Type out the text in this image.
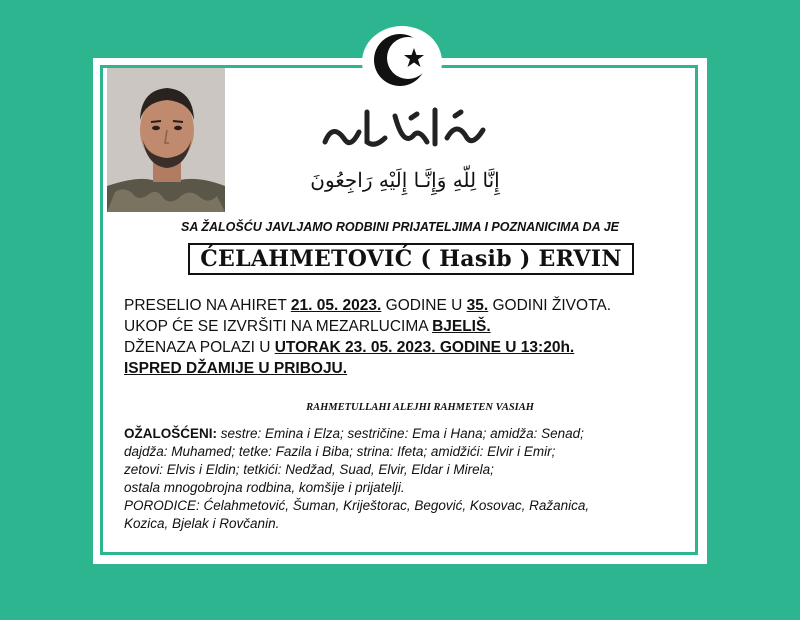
إِنَّا لِلّهِ وَإِنَّـا إِلَيْهِ رَاجِعُونَ
SA ŽALOŠĆU JAVLJAMO RODBINI PRIJATELJIMA I POZNANICIMA DA JE
ĆELAHMETOVIĆ ( Hasib ) ERVIN
PRESELIO NA AHIRET 21. 05. 2023. GODINE U 35. GODINI ŽIVOTA.
UKOP ĆE SE IZVRŠITI NA MEZARLUCIMA BJELIŠ.
DŽENAZA POLAZI U UTORAK 23. 05. 2023. GODINE U 13:20h.
ISPRED DŽAMIJE U PRIBOJU.
RAHMETULLAHI ALEJHI RAHMETEN VASIAH
OŽALOŠĆENI: sestre: Emina i Elza; sestričine: Ema i Hana; amidža: Senad;
dajdža: Muhamed; tetke: Fazila i Biba; strina: Ifeta; amidžići: Elvir i Emir;
zetovi: Elvis i Eldin; tetkići: Nedžad, Suad, Elvir, Eldar i Mirela;
ostala mnogobrojna rodbina, komšije i prijatelji.
PORODICE: Ćelahmetović, Šuman, Kriještorac, Begović, Kosovac, Ražanica,
Kozica, Bjelak i Rovčanin.
